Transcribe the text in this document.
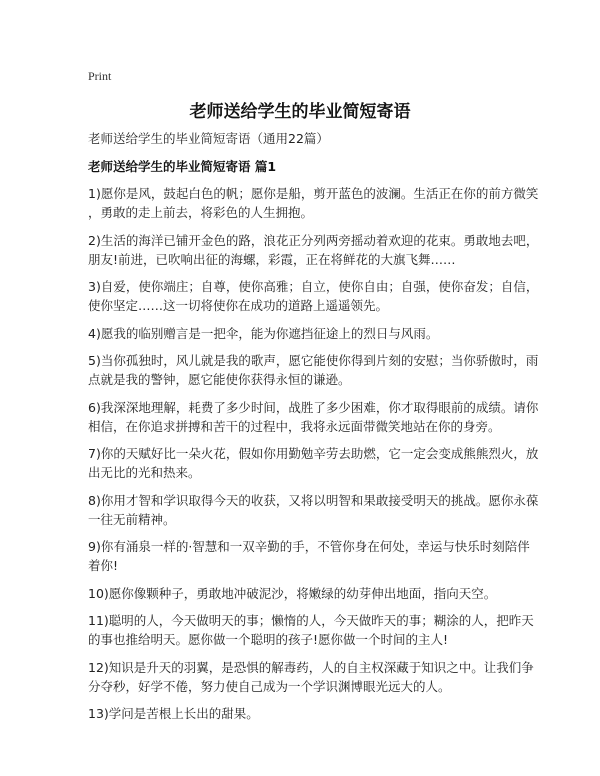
Print
老师送给学生的毕业简短寄语
老师送给学生的毕业简短寄语（通用22篇）
老师送给学生的毕业简短寄语 篇1
1)愿你是风，鼓起白色的帆；愿你是船，剪开蓝色的波澜。生活正在你的前方微笑
，勇敢的走上前去，将彩色的人生拥抱。
2)生活的海洋已铺开金色的路，浪花正分列两旁摇动着欢迎的花束。勇敢地去吧，
朋友!前进，已吹响出征的海螺，彩霞，正在将鲜花的大旗飞舞……
3)自爱，使你端庄；自尊，使你高雅；自立，使你自由；自强，使你奋发；自信，
使你坚定……这一切将使你在成功的道路上遥遥领先。
4)愿我的临别赠言是一把伞，能为你遮挡征途上的烈日与风雨。
5)当你孤独时，风儿就是我的歌声，愿它能使你得到片刻的安慰；当你骄傲时，雨
点就是我的警钟，愿它能使你获得永恒的谦逊。
6)我深深地理解，耗费了多少时间，战胜了多少困难，你才取得眼前的成绩。请你
相信，在你追求拼搏和苦干的过程中，我将永远面带微笑地站在你的身旁。
7)你的天赋好比一朵火花，假如你用勤勉辛劳去助燃，它一定会变成熊熊烈火，放
出无比的光和热来。
8)你用才智和学识取得今天的收获，又将以明智和果敢接受明天的挑战。愿你永葆
一往无前精神。
9)你有涌泉一样的·智慧和一双辛勤的手，不管你身在何处，幸运与快乐时刻陪伴
着你!
10)愿你像颗种子，勇敢地冲破泥沙，将嫩绿的幼芽伸出地面，指向天空。
11)聪明的人，今天做明天的事；懒惰的人，今天做昨天的事；糊涂的人，把昨天
的事也推给明天。愿你做一个聪明的孩子!愿你做一个时间的主人!
12)知识是升天的羽翼，是恐惧的解毒药，人的自主权深藏于知识之中。让我们争
分夺秒，好学不倦，努力使自己成为一个学识渊博眼光远大的人。
13)学问是苦根上长出的甜果。
